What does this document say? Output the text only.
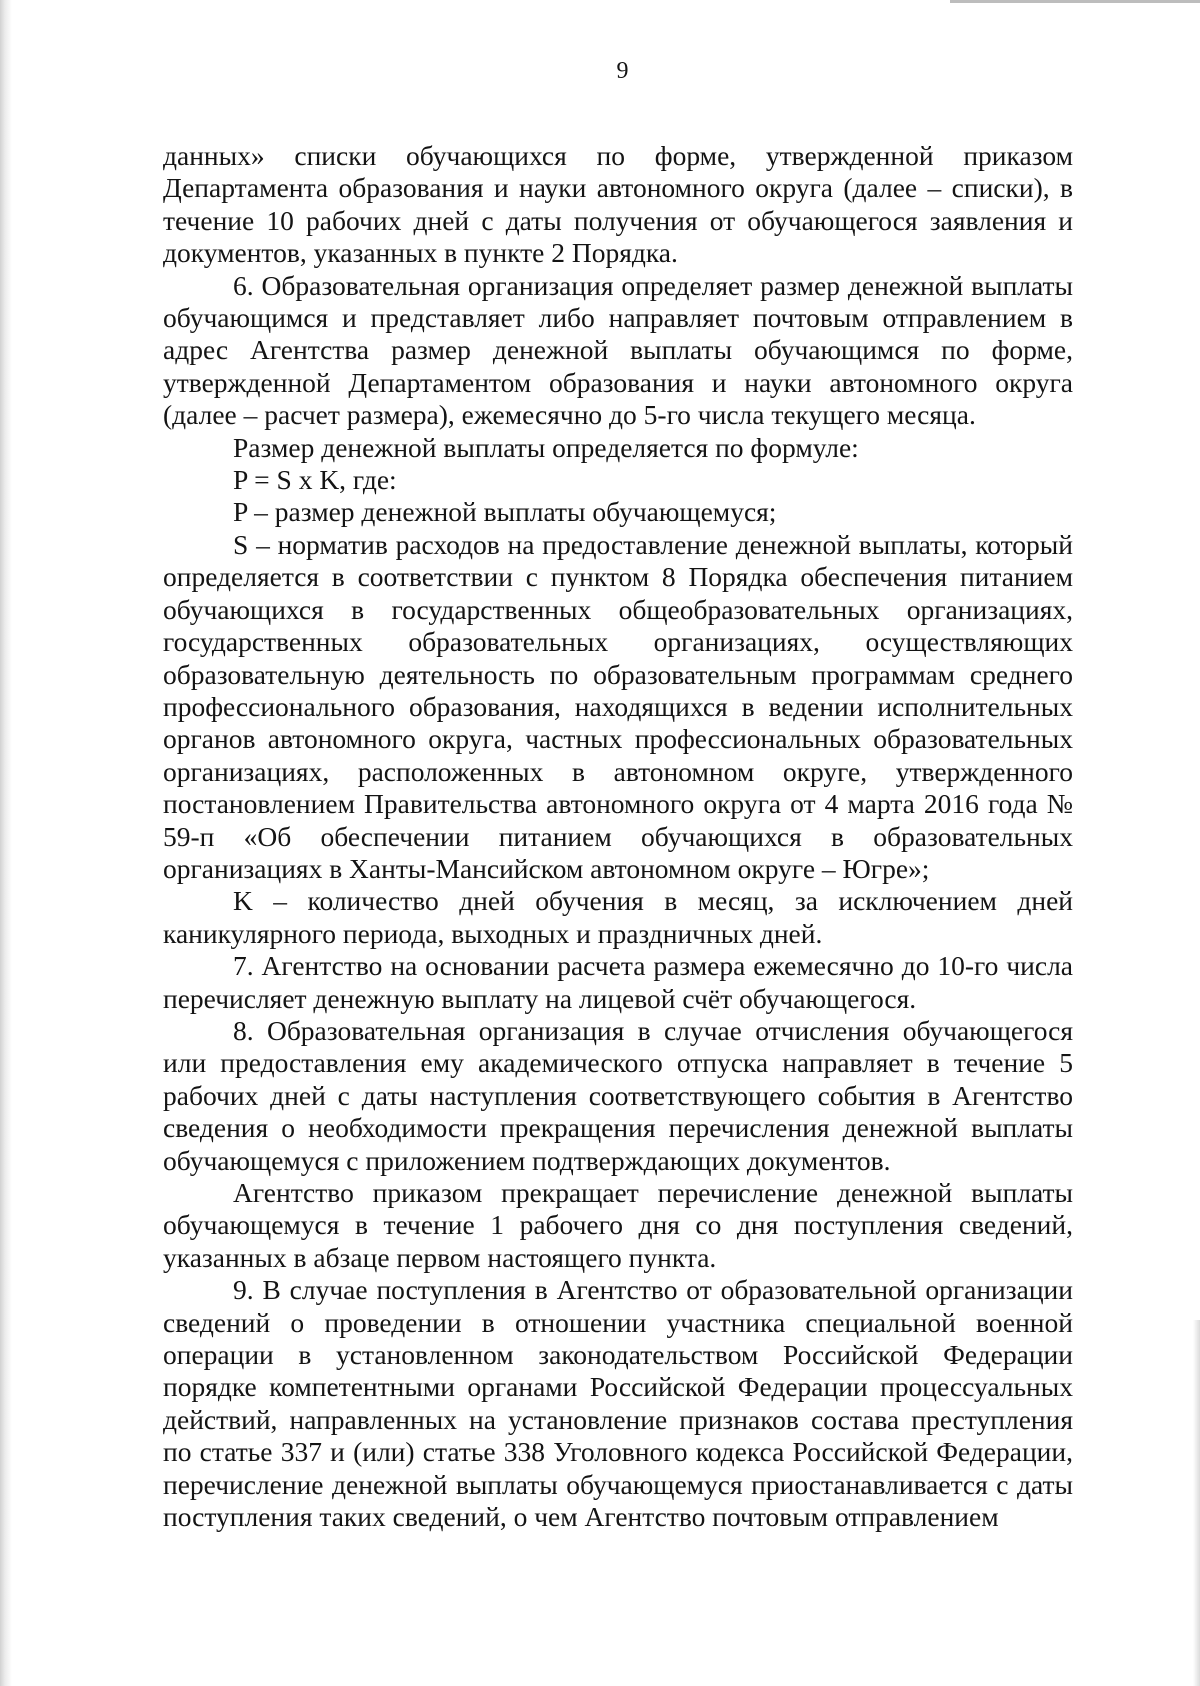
9

данных» списки обучающихся по форме, утвержденной приказом Департамента образования и науки автономного округа (далее – списки), в течение 10 рабочих дней с даты получения от обучающегося заявления и документов, указанных в пункте 2 Порядка.

6. Образовательная организация определяет размер денежной выплаты обучающимся и представляет либо направляет почтовым отправлением в адрес Агентства размер денежной выплаты обучающимся по форме, утвержденной Департаментом образования и науки автономного округа (далее – расчет размера), ежемесячно до 5-го числа текущего месяца.

Размер денежной выплаты определяется по формуле:

P = S x K, где:

P – размер денежной выплаты обучающемуся;

S – норматив расходов на предоставление денежной выплаты, который определяется в соответствии с пунктом 8 Порядка обеспечения питанием обучающихся в государственных общеобразовательных организациях, государственных образовательных организациях, осуществляющих образовательную деятельность по образовательным программам среднего профессионального образования, находящихся в ведении исполнительных органов автономного округа, частных профессиональных образовательных организациях, расположенных в автономном округе, утвержденного постановлением Правительства автономного округа от 4 марта 2016 года № 59-п «Об обеспечении питанием обучающихся в образовательных организациях в Ханты-Мансийском автономном округе – Югре»;

K – количество дней обучения в месяц, за исключением дней каникулярного периода, выходных и праздничных дней.

7. Агентство на основании расчета размера ежемесячно до 10-го числа перечисляет денежную выплату на лицевой счёт обучающегося.

8. Образовательная организация в случае отчисления обучающегося или предоставления ему академического отпуска направляет в течение 5 рабочих дней с даты наступления соответствующего события в Агентство сведения о необходимости прекращения перечисления денежной выплаты обучающемуся с приложением подтверждающих документов.

Агентство приказом прекращает перечисление денежной выплаты обучающемуся в течение 1 рабочего дня со дня поступления сведений, указанных в абзаце первом настоящего пункта.

9. В случае поступления в Агентство от образовательной организации сведений о проведении в отношении участника специальной военной операции в установленном законодательством Российской Федерации порядке компетентными органами Российской Федерации процессуальных действий, направленных на установление признаков состава преступления по статье 337 и (или) статье 338 Уголовного кодекса Российской Федерации, перечисление денежной выплаты обучающемуся приостанавливается с даты поступления таких сведений, о чем Агентство почтовым отправлением
